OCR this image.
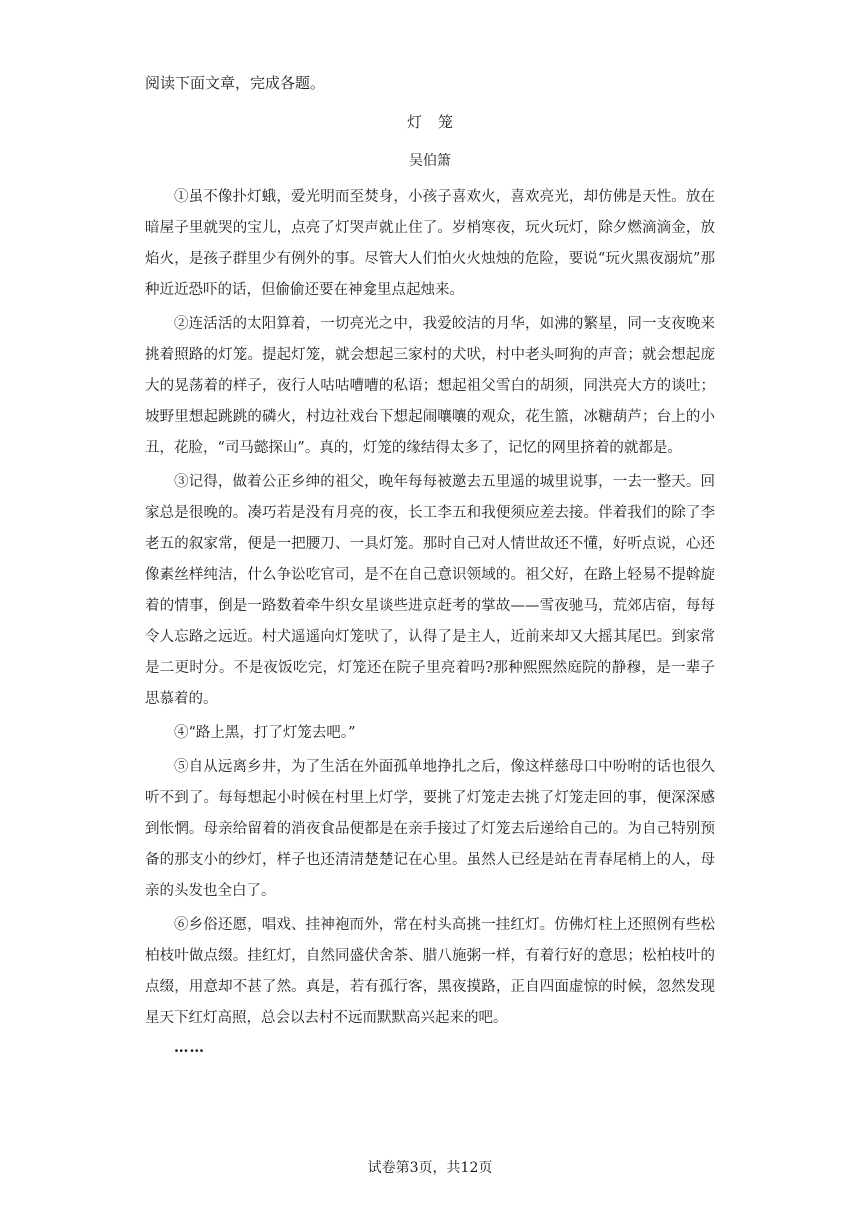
阅读下面文章，完成各题。
灯笼
吴伯箫

①虽不像扑灯蛾，爱光明而至焚身，小孩子喜欢火，喜欢亮光，却仿佛是天性。放在暗屋子里就哭的宝儿，点亮了灯哭声就止住了。岁梢寒夜，玩火玩灯，除夕燃滴滴金，放焰火，是孩子群里少有例外的事。尽管大人们怕火火烛烛的危险，要说“玩火黑夜溺炕”那种近近恐吓的话，但偷偷还要在神龛里点起烛来。

②连活活的太阳算着，一切亮光之中，我爱皎洁的月华，如沸的繁星，同一支夜晚来挑着照路的灯笼。提起灯笼，就会想起三家村的犬吠，村中老头呵狗的声音；就会想起庞大的晃荡着的样子，夜行人咕咕嘈嘈的私语；想起祖父雪白的胡须，同洪亮大方的谈吐；坡野里想起跳跳的磷火，村边社戏台下想起闹嚷嚷的观众，花生篮，冰糖葫芦；台上的小丑，花脸，“司马懿探山”。真的，灯笼的缘结得太多了，记忆的网里挤着的就都是。

③记得，做着公正乡绅的祖父，晚年每每被邀去五里遥的城里说事，一去一整天。回家总是很晚的。凑巧若是没有月亮的夜，长工李五和我便须应差去接。伴着我们的除了李老五的叙家常，便是一把腰刀、一具灯笼。那时自己对人情世故还不懂，好听点说，心还像素丝样纯洁，什么争讼吃官司，是不在自己意识领域的。祖父好，在路上轻易不提斡旋着的情事，倒是一路数着牵牛织女星谈些进京赶考的掌故——雪夜驰马，荒郊店宿，每每令人忘路之远近。村犬遥遥向灯笼吠了，认得了是主人，近前来却又大摇其尾巴。到家常是二更时分。不是夜饭吃完，灯笼还在院子里亮着吗?那种熙熙然庭院的静穆，是一辈子思慕着的。

④“路上黑，打了灯笼去吧。”

⑤自从远离乡井，为了生活在外面孤单地挣扎之后，像这样慈母口中吩咐的话也很久听不到了。每每想起小时候在村里上灯学，要挑了灯笼走去挑了灯笼走回的事，便深深感到怅惘。母亲给留着的消夜食品便都是在亲手接过了灯笼去后递给自己的。为自己特别预备的那支小的纱灯，样子也还清清楚楚记在心里。虽然人已经是站在青春尾梢上的人，母亲的头发也全白了。

⑥乡俗还愿，唱戏、挂神袍而外，常在村头高挑一挂红灯。仿佛灯柱上还照例有些松柏枝叶做点缀。挂红灯，自然同盛伏舍茶、腊八施粥一样，有着行好的意思；松柏枝叶的点缀，用意却不甚了然。真是，若有孤行客，黑夜摸路，正自四面虚惊的时候，忽然发现星天下红灯高照，总会以去村不远而默默高兴起来的吧。

……

试卷第3页，共12页
